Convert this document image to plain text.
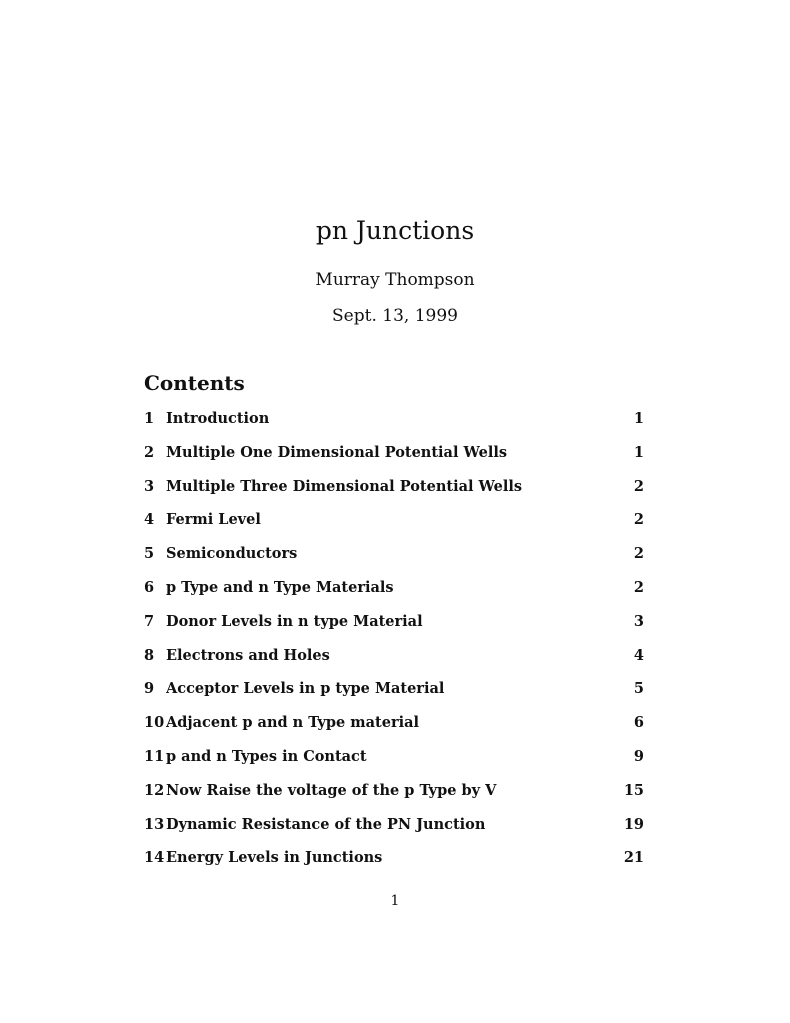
pn Junctions
Murray Thompson
Sept. 13, 1999
Contents
1 Introduction	1
2 Multiple One Dimensional Potential Wells	1
3 Multiple Three Dimensional Potential Wells	2
4 Fermi Level	2
5 Semiconductors	2
6 p Type and n Type Materials	2
7 Donor Levels in n type Material	3
8 Electrons and Holes	4
9 Acceptor Levels in p type Material	5
10 Adjacent p and n Type material	6
11 p and n Types in Contact	9
12 Now Raise the voltage of the p Type by V	15
13 Dynamic Resistance of the PN Junction	19
14 Energy Levels in Junctions	21
1
